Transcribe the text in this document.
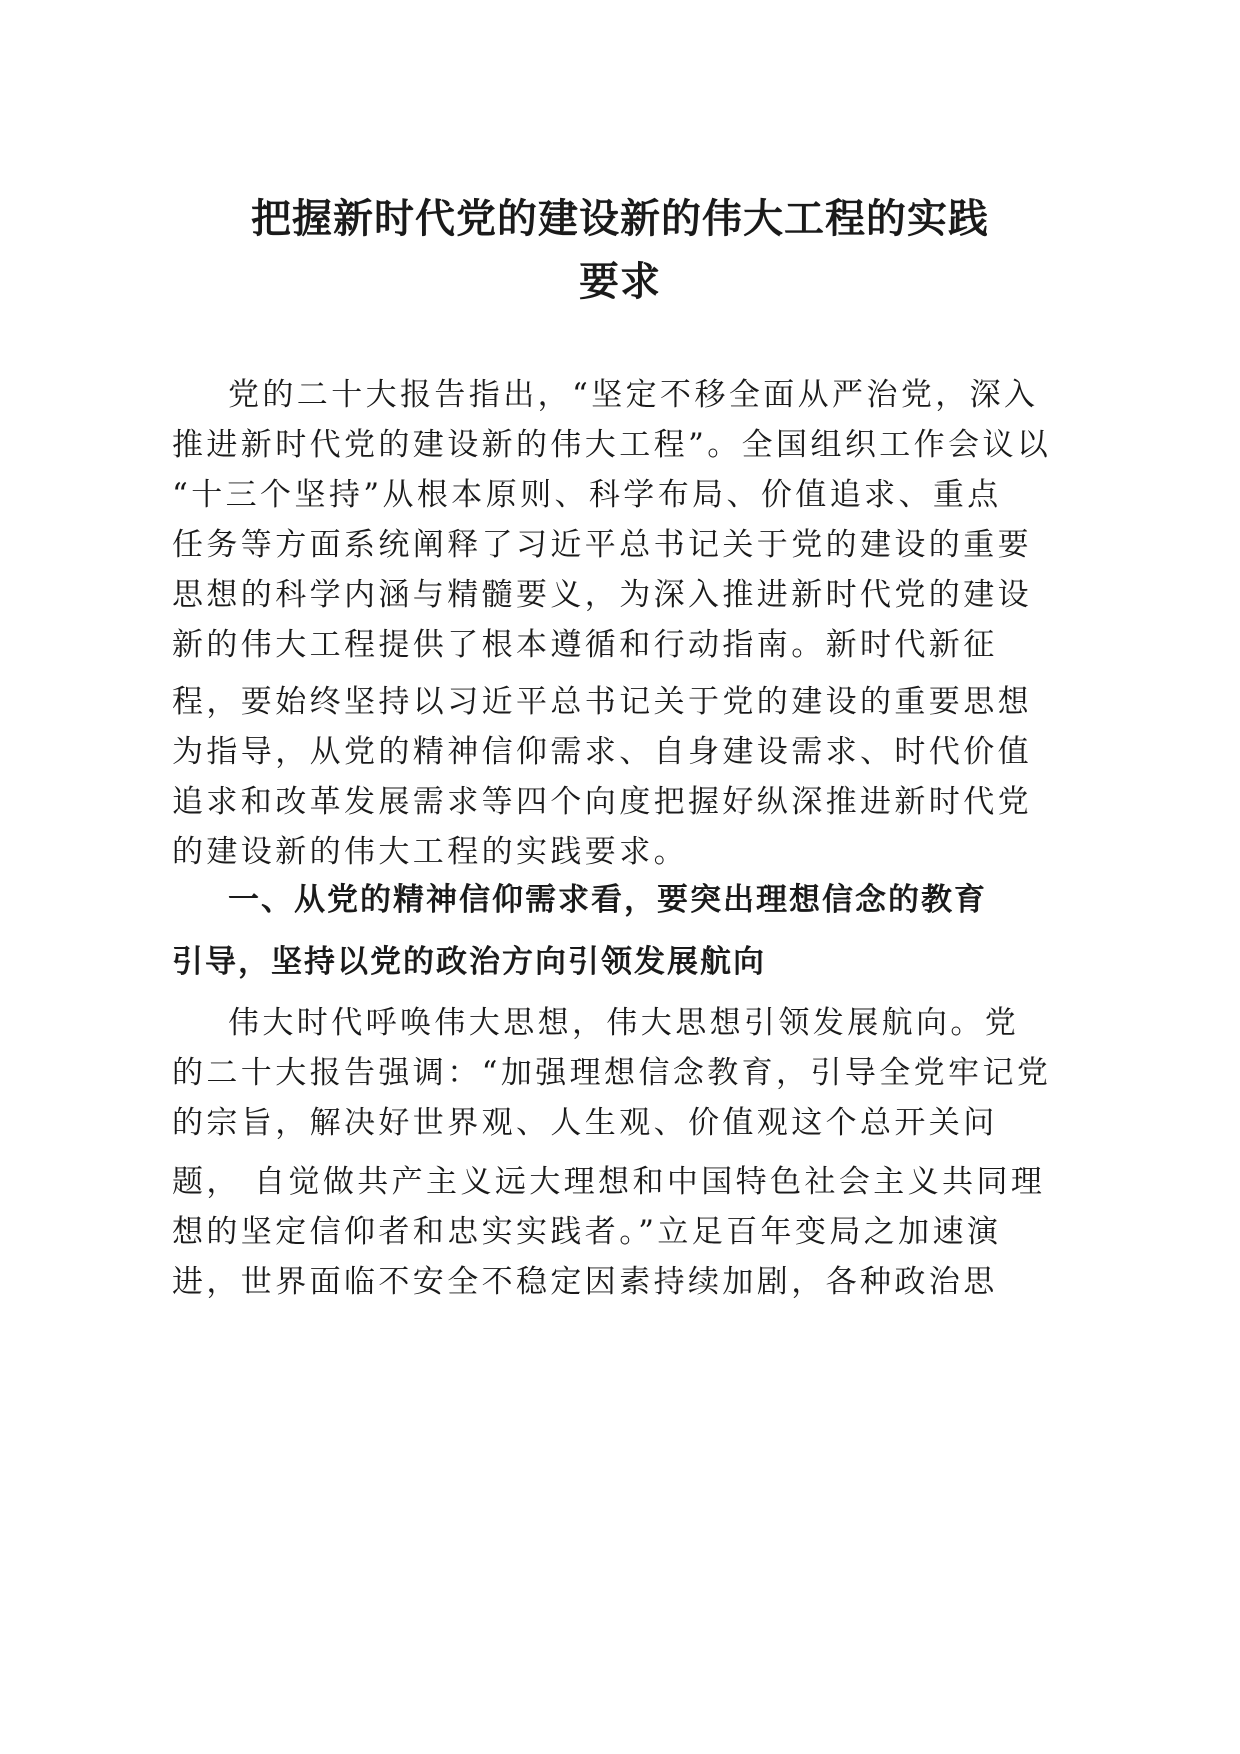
把握新时代党的建设新的伟大工程的实践
要求
党的二十大报告指出，“坚定不移全面从严治党，深入
推进新时代党的建设新的伟大工程”。全国组织工作会议以
“十三个坚持”从根本原则、科学布局、价值追求、重点
任务等方面系统阐释了习近平总书记关于党的建设的重要
思想的科学内涵与精髓要义，为深入推进新时代党的建设
新的伟大工程提供了根本遵循和行动指南。新时代新征
程，要始终坚持以习近平总书记关于党的建设的重要思想
为指导，从党的精神信仰需求、自身建设需求、时代价值
追求和改革发展需求等四个向度把握好纵深推进新时代党
的建设新的伟大工程的实践要求。
一、从党的精神信仰需求看，要突出理想信念的教育
引导，坚持以党的政治方向引领发展航向
伟大时代呼唤伟大思想，伟大思想引领发展航向。党
的二十大报告强调：“加强理想信念教育，引导全党牢记党
的宗旨，解决好世界观、人生观、价值观这个总开关问
题， 自觉做共产主义远大理想和中国特色社会主义共同理
想的坚定信仰者和忠实实践者。”立足百年变局之加速演
进，世界面临不安全不稳定因素持续加剧，各种政治思
